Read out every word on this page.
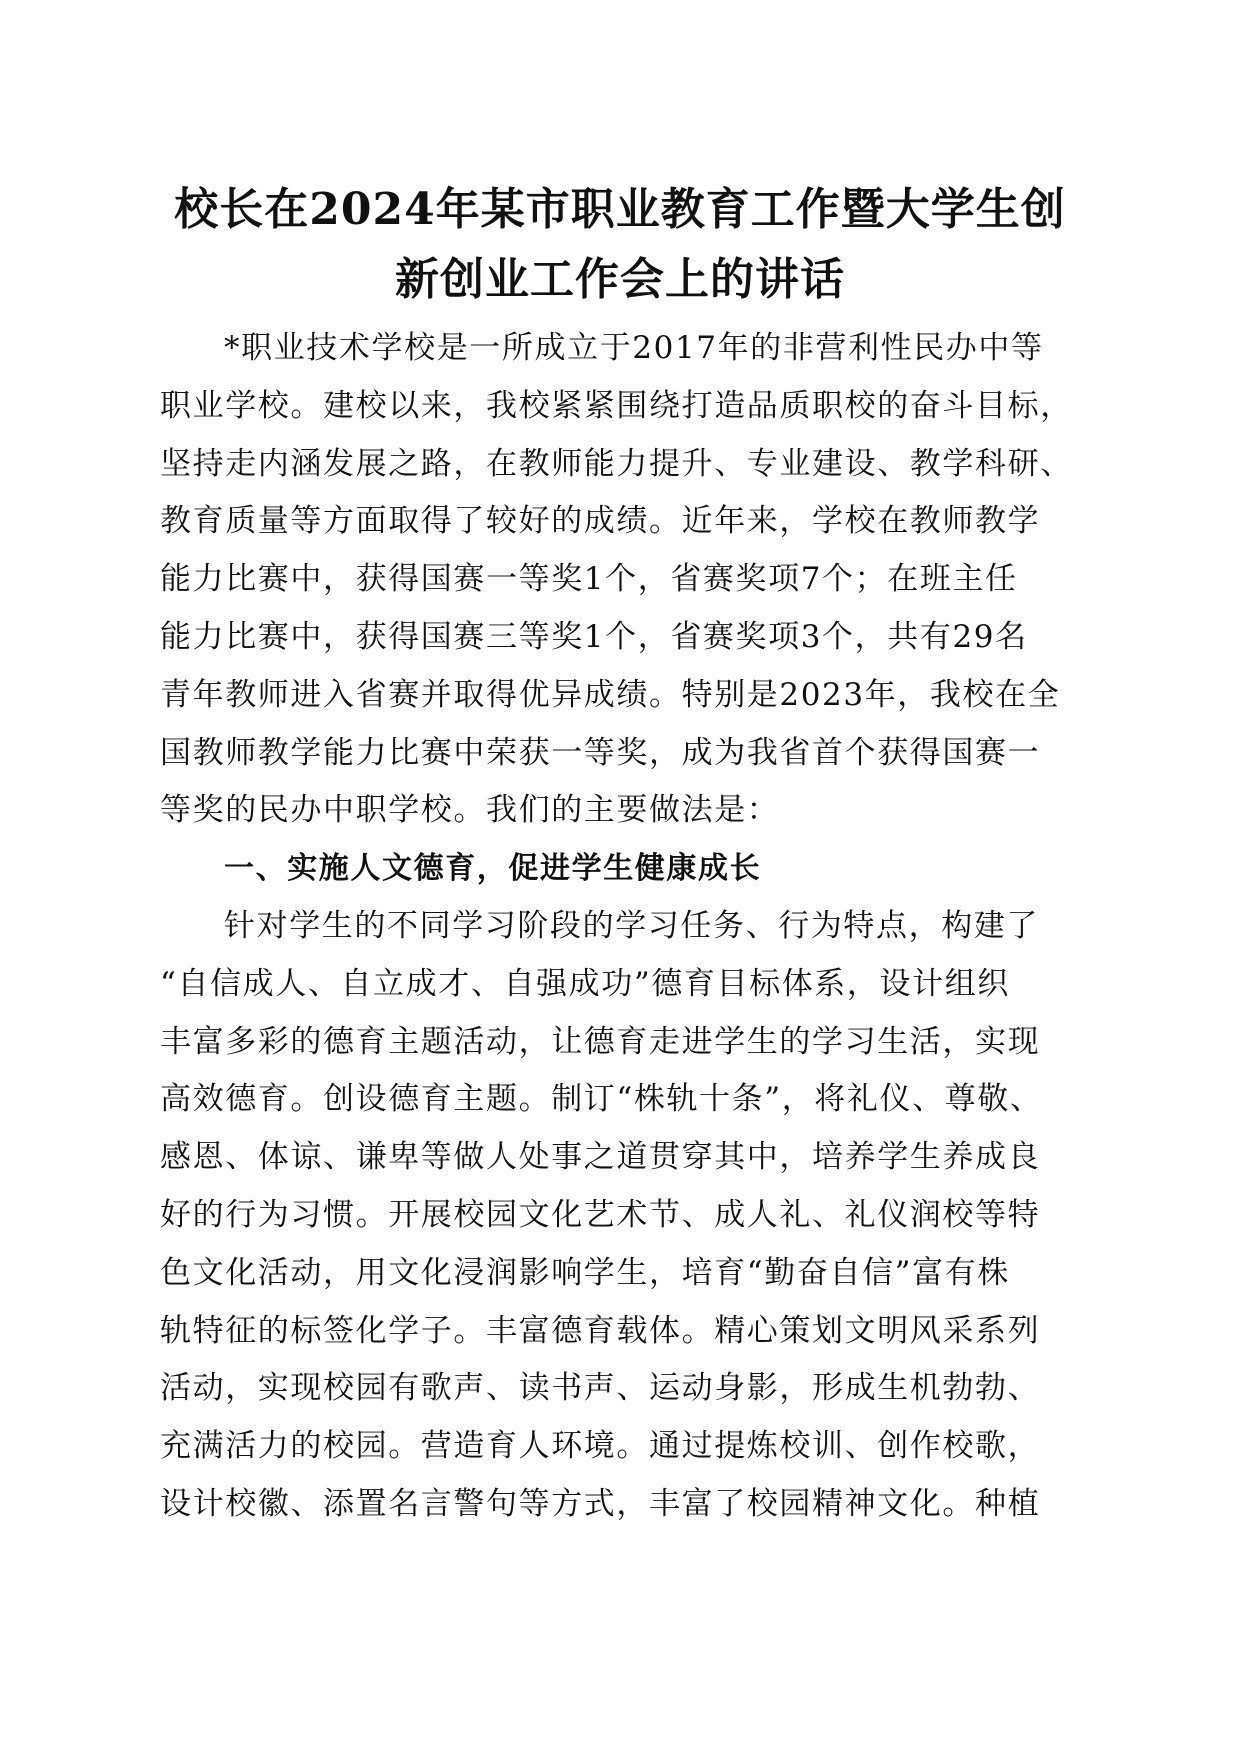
校长在2024年某市职业教育工作暨大学生创
新创业工作会上的讲话
*职业技术学校是一所成立于2017年的非营利性民办中等
职业学校。建校以来，我校紧紧围绕打造品质职校的奋斗目标，
坚持走内涵发展之路，在教师能力提升、专业建设、教学科研、
教育质量等方面取得了较好的成绩。近年来，学校在教师教学
能力比赛中，获得国赛一等奖1个，省赛奖项7个；在班主任
能力比赛中，获得国赛三等奖1个，省赛奖项3个，共有29名
青年教师进入省赛并取得优异成绩。特别是2023年，我校在全
国教师教学能力比赛中荣获一等奖，成为我省首个获得国赛一
等奖的民办中职学校。我们的主要做法是：
一、实施人文德育，促进学生健康成长
针对学生的不同学习阶段的学习任务、行为特点，构建了
“自信成人、自立成才、自强成功”德育目标体系，设计组织
丰富多彩的德育主题活动，让德育走进学生的学习生活，实现
高效德育。创设德育主题。制订“株轨十条”，将礼仪、尊敬、
感恩、体谅、谦卑等做人处事之道贯穿其中，培养学生养成良
好的行为习惯。开展校园文化艺术节、成人礼、礼仪润校等特
色文化活动，用文化浸润影响学生，培育“勤奋自信”富有株
轨特征的标签化学子。丰富德育载体。精心策划文明风采系列
活动，实现校园有歌声、读书声、运动身影，形成生机勃勃、
充满活力的校园。营造育人环境。通过提炼校训、创作校歌，
设计校徽、添置名言警句等方式，丰富了校园精神文化。种植
